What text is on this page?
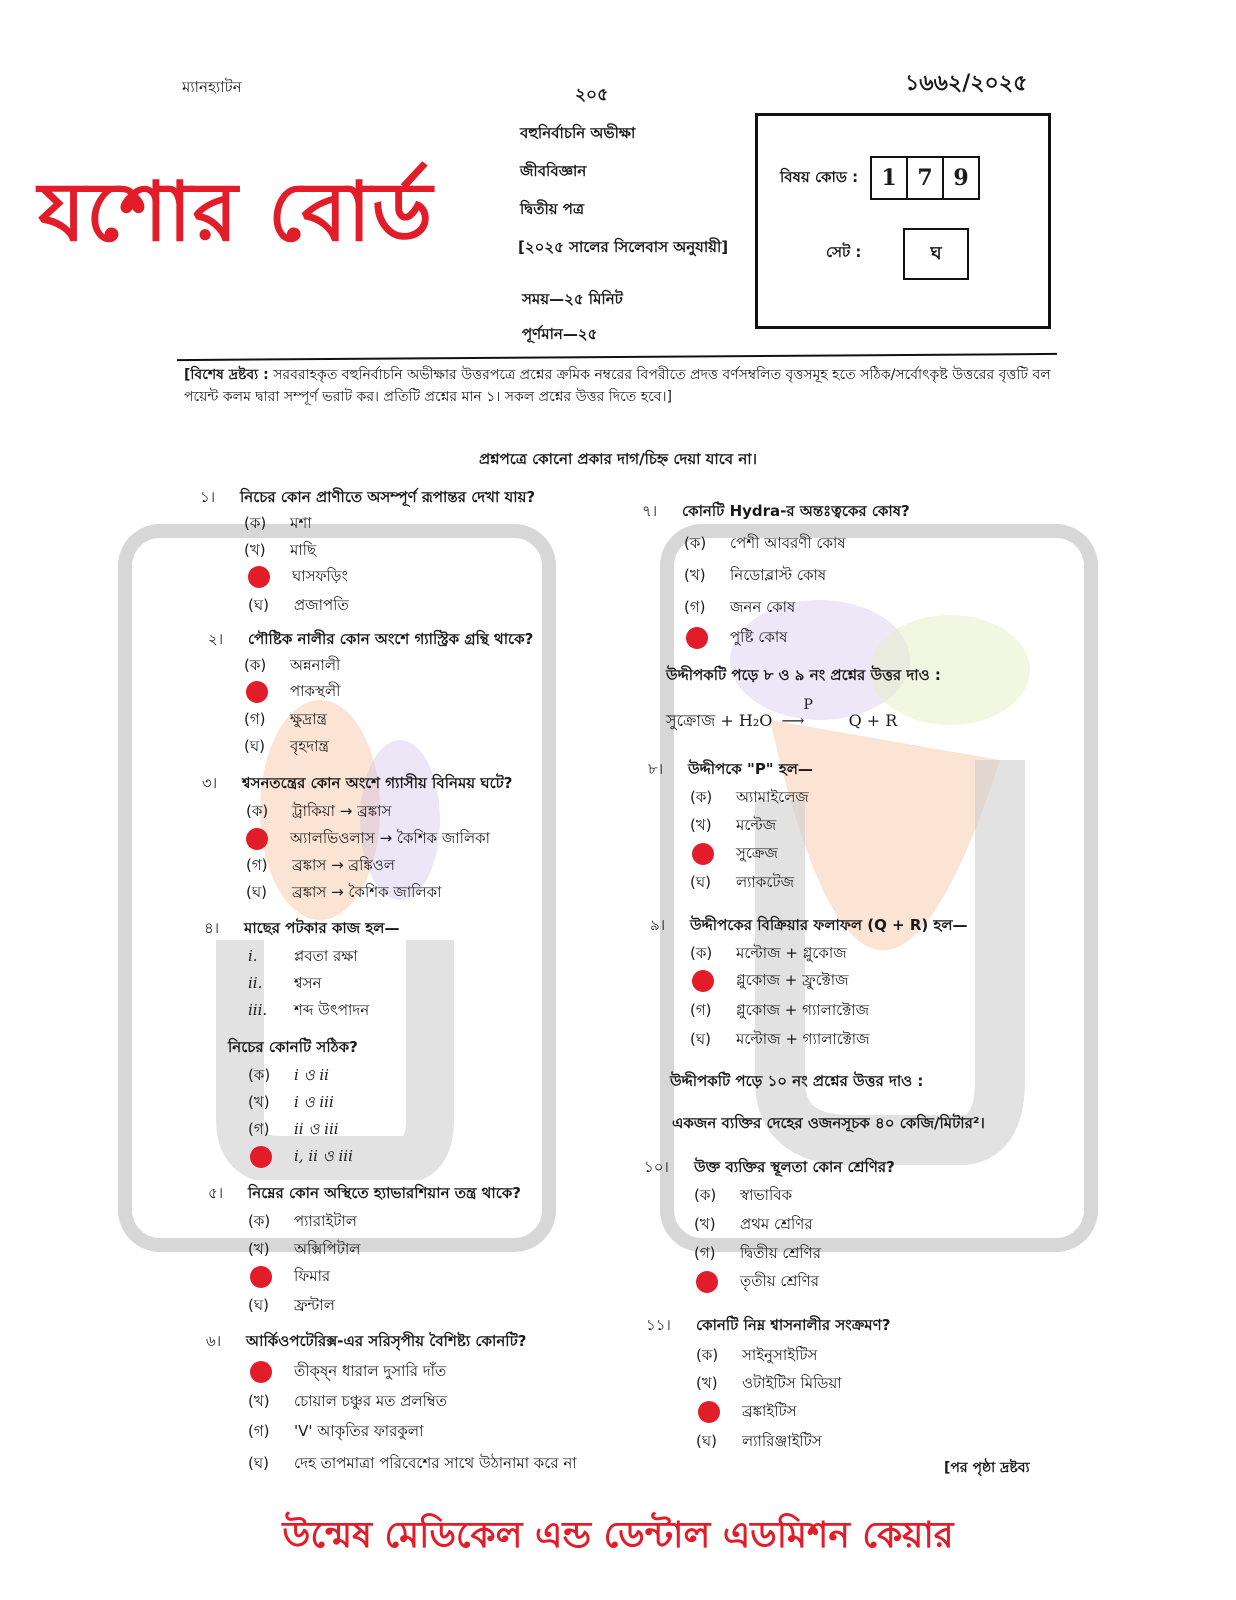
ম্যানহ্যাটন	২০৫	১৬৬২/২০২৫
যশোর বোর্ড
বহুনির্বাচনি অভীক্ষা
জীববিজ্ঞান
দ্বিতীয় পত্র
[২০২৫ সালের সিলেবাস অনুযায়ী]
সময়—২৫ মিনিট
পূর্ণমান—২৫
বিষয় কোড :	1 7 9
সেট :	ঘ
[বিশেষ দ্রষ্টব্য : সরবরাহকৃত বহুনির্বাচনি অভীক্ষার উত্তরপত্রে প্রশ্নের ক্রমিক নম্বরের বিপরীতে প্রদত্ত বর্ণসম্বলিত বৃত্তসমূহ হতে সঠিক/সর্বোৎকৃষ্ট উত্তরের বৃত্তটি বল পয়েন্ট কলম দ্বারা সম্পূর্ণ ভরাট কর। প্রতিটি প্রশ্নের মান ১। সকল প্রশ্নের উত্তর দিতে হবে।]
প্রশ্নপত্রে কোনো প্রকার দাগ/চিহ্ন দেয়া যাবে না।
১। নিচের কোন প্রাণীতে অসম্পূর্ণ রূপান্তর দেখা যায়?
(ক) মশা
(খ) মাছি
ঘাসফড়িং
(ঘ) প্রজাপতি
২। পৌষ্টিক নালীর কোন অংশে গ্যাস্ট্রিক গ্রন্থি থাকে?
(ক) অন্ননালী
পাকস্থলী
(গ) ক্ষুদ্রান্ত্র
(ঘ) বৃহদান্ত্র
৩। শ্বসনতন্ত্রের কোন অংশে গ্যাসীয় বিনিময় ঘটে?
(ক) ট্রাকিয়া → ব্রঙ্কাস
অ্যালভিওলাস → কৈশিক জালিকা
(গ) ব্রঙ্কাস → ব্রঙ্কিওল
(ঘ) ব্রঙ্কাস → কৈশিক জালিকা
৪। মাছের পটকার কাজ হল—
i. প্লবতা রক্ষা
ii. শ্বসন
iii. শব্দ উৎপাদন
নিচের কোনটি সঠিক?
(ক) i ও ii
(খ) i ও iii
(গ) ii ও iii
i, ii ও iii
৫। নিম্নের কোন অস্থিতে হ্যাভারশিয়ান তন্ত্র থাকে?
(ক) প্যারাইটাল
(খ) অক্সিপিটাল
ফিমার
(ঘ) ফ্রন্টাল
৬। আর্কিওপটেরিক্স-এর সরিসৃপীয় বৈশিষ্ট্য কোনটি?
তীক্ষ্ন ধারাল দুসারি দাঁত
(খ) চোয়াল চঞ্চুর মত প্রলম্বিত
(গ) 'V' আকৃতির ফারকুলা
(ঘ) দেহ তাপমাত্রা পরিবেশের সাথে উঠানামা করে না
৭। কোনটি Hydra-র অন্তঃত্বকের কোষ?
(ক) পেশী আবরণী কোষ
(খ) নিডোব্লাস্ট কোষ
(গ) জনন কোষ
পুষ্টি কোষ
উদ্দীপকটি পড়ে ৮ ও ৯ নং প্রশ্নের উত্তর দাও :
সুক্রোজ + H₂O
P
⟶	Q + R
৮। উদ্দীপকে "P" হল—
(ক) অ্যামাইলেজ
(খ) মল্টেজ
সুক্রেজ
(ঘ) ল্যাকটেজ
৯। উদ্দীপকের বিক্রিয়ার ফলাফল (Q + R) হল—
(ক) মল্টোজ + গ্লুকোজ
গ্লুকোজ + ফ্রুক্টোজ
(গ) গ্লুকোজ + গ্যালাক্টোজ
(ঘ) মল্টোজ + গ্যালাক্টোজ
উদ্দীপকটি পড়ে ১০ নং প্রশ্নের উত্তর দাও :
একজন ব্যক্তির দেহের ওজনসূচক ৪০ কেজি/মিটার²।
১০। উক্ত ব্যক্তির স্থূলতা কোন শ্রেণির?
(ক) স্বাভাবিক
(খ) প্রথম শ্রেণির
(গ) দ্বিতীয় শ্রেণির
তৃতীয় শ্রেণির
১১। কোনটি নিম্ন শ্বাসনালীর সংক্রমণ?
(ক) সাইনুসাইটিস
(খ) ওটাইটিস মিডিয়া
ব্রঙ্কাইটিস
(ঘ) ল্যারিঞ্জাইটিস
[পর পৃষ্ঠা দ্রষ্টব্য
উন্মেষ মেডিকেল এন্ড ডেন্টাল এডমিশন কেয়ার
